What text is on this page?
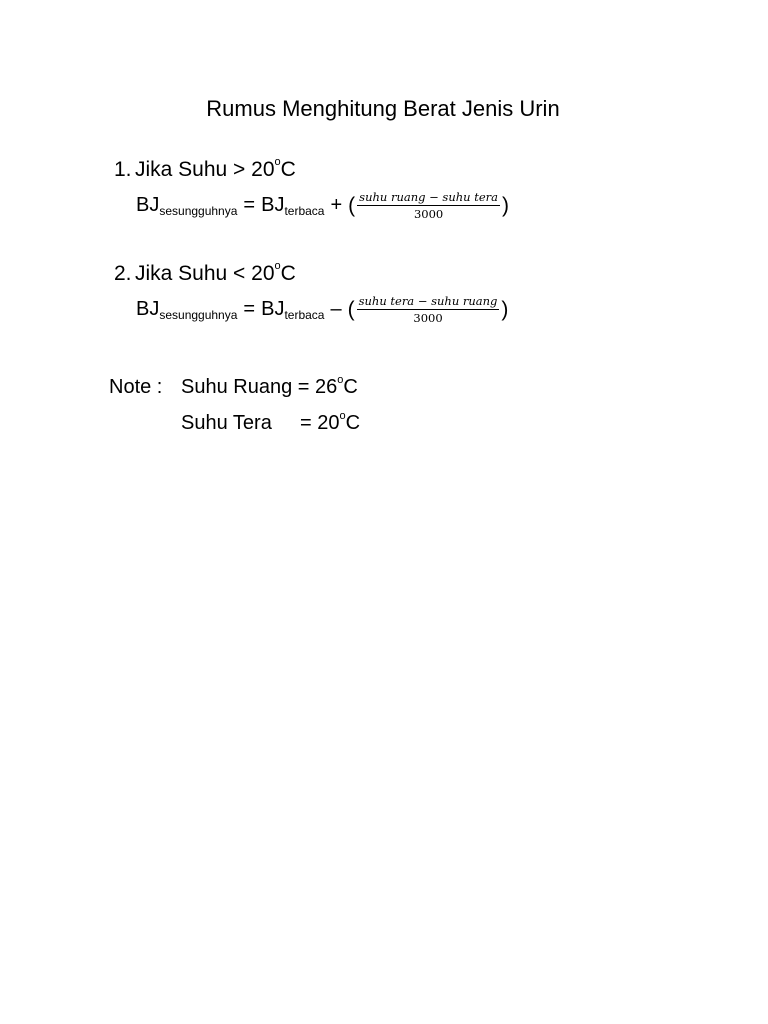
Rumus Menghitung Berat Jenis Urin
1. Jika Suhu > $20^oC$
BJ sesungguhnya = BJ terbaca + ( $\frac{\text{suhu ruang − suhu tera}}{3000}$ )
2. Jika Suhu < $20^oC$
BJ sesungguhnya = BJ terbaca – ( $\frac{\text{suhu tera − suhu ruang}}{3000}$ )
Note : Suhu Ruang = $26^oC$
Suhu Tera = $20^oC$
